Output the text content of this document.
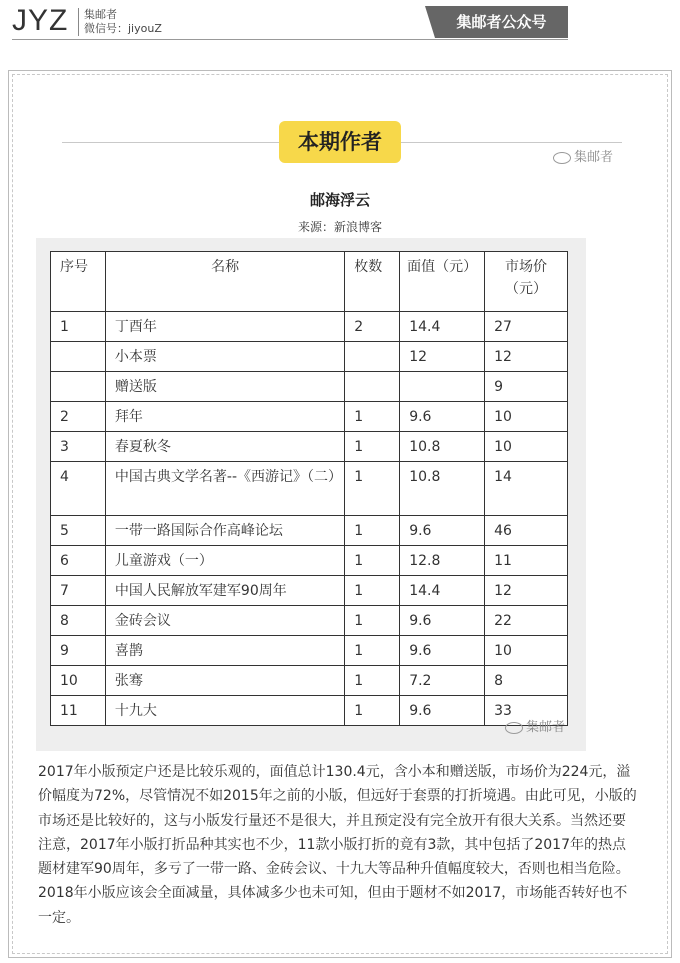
JYZ 集邮者
微信号：jiyouZ	集邮者公众号
本期作者
集邮者
邮海浮云
来源：新浪博客
序号	名称	枚数	面值（元）	市场价（元）
1	丁酉年	2	14.4	27
	小本票		12	12
	赠送版			9
2	拜年	1	9.6	10
3	春夏秋冬	1	10.8	10
4	中国古典文学名著--《西游记》（二）	1	10.8	14
5	一带一路国际合作高峰论坛	1	9.6	46
6	儿童游戏（一）	1	12.8	11
7	中国人民解放军建军90周年	1	14.4	12
8	金砖会议	1	9.6	22
9	喜鹊	1	9.6	10
10	张骞	1	7.2	8
11	十九大	1	9.6	33
集邮者
2017年小版预定户还是比较乐观的，面值总计130.4元，含小本和赠送版，市场价为224元，溢价幅度为72%，尽管情况不如2015年之前的小版，但远好于套票的打折境遇。由此可见，小版的市场还是比较好的，这与小版发行量还不是很大，并且预定没有完全放开有很大关系。当然还要注意，2017年小版打折品种其实也不少，11款小版打折的竟有3款，其中包括了2017年的热点题材建军90周年，多亏了一带一路、金砖会议、十九大等品种升值幅度较大，否则也相当危险。2018年小版应该会全面减量，具体减多少也未可知，但由于题材不如2017，市场能否转好也不一定。
